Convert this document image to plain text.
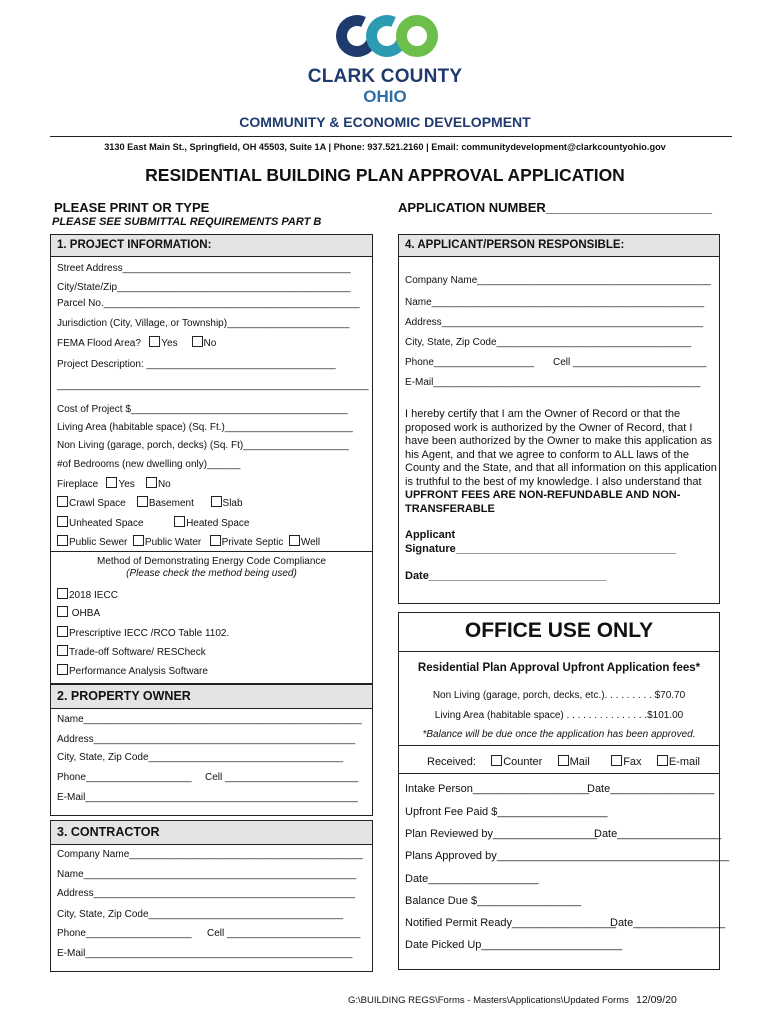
CLARK COUNTY
OHIO
COMMUNITY & ECONOMIC DEVELOPMENT
3130 East Main St., Springfield, OH 45503, Suite 1A | Phone: 937.521.2160 | Email: communitydevelopment@clarkcountyohio.gov
RESIDENTIAL BUILDING PLAN APPROVAL APPLICATION
PLEASE PRINT OR TYPE
PLEASE SEE SUBMITTAL REQUIREMENTS PART B
APPLICATION NUMBER_______________________
1. PROJECT INFORMATION:
Street Address_________________________________________
City/State/Zip__________________________________________
Parcel No.______________________________________________
Jurisdiction (City, Village, or Township)______________________
FEMA Flood Area? Yes	No
Project Description: __________________________________
________________________________________________________
Cost of Project $_______________________________________
Living Area (habitable space) (Sq. Ft.)_______________________
Non Living (garage, porch, decks) (Sq. Ft)___________________
#of Bedrooms (new dwelling only)______
Fireplace Yes No
Crawl Space Basement	Slab
Unheated Space	Heated Space
Public Sewer Public Water Private Septic Well
Method of Demonstrating Energy Code Compliance
(Please check the method being used)
2018 IECC
OHBA
Prescriptive IECC /RCO Table 1102.
Trade-off Software/ RESCheck
Performance Analysis Software
2. PROPERTY OWNER
Name__________________________________________________
Address_______________________________________________
City, State, Zip Code___________________________________
Phone___________________ Cell ________________________
E-Mail_________________________________________________
3. CONTRACTOR
Company Name__________________________________________
Name_________________________________________________
Address_______________________________________________
City, State, Zip Code___________________________________
Phone___________________ Cell ________________________
E-Mail________________________________________________
4. APPLICANT/PERSON RESPONSIBLE:
Company Name__________________________________________
Name_________________________________________________
Address_______________________________________________
City, State, Zip Code___________________________________
Phone__________________ Cell ________________________
E-Mail________________________________________________
I hereby certify that I am the Owner of Record or that the proposed work is authorized by the Owner of Record, that I have been authorized by the Owner to make this application as his Agent, and that we agree to conform to ALL laws of the County and the State, and that all information on this application is truthful to the best of my knowledge. I also understand that UPFRONT FEES ARE NON-REFUNDABLE AND NON-TRANSFERABLE
Applicant
Signature____________________________________
Date_____________________________
OFFICE USE ONLY
Residential Plan Approval Upfront Application fees*
Non Living (garage, porch, decks, etc.). . . . . . . . . $70.70
Living Area (habitable space) . . . . . . . . . . . . . . .$101.00
*Balance will be due once the application has been approved.
Received: Counter Mail	Fax E-mail
Intake Person___________________
Date_________________
Upfront Fee Paid $__________________
Plan Reviewed by_________________
Date_________________
Plans Approved by______________________________________
Date__________________
Balance Due $_________________
Notified Permit Ready_________________
Date_______________
Date Picked Up_______________________
G:\BUILDING REGS\Forms - Masters\Applications\Updated Forms 12/09/20
